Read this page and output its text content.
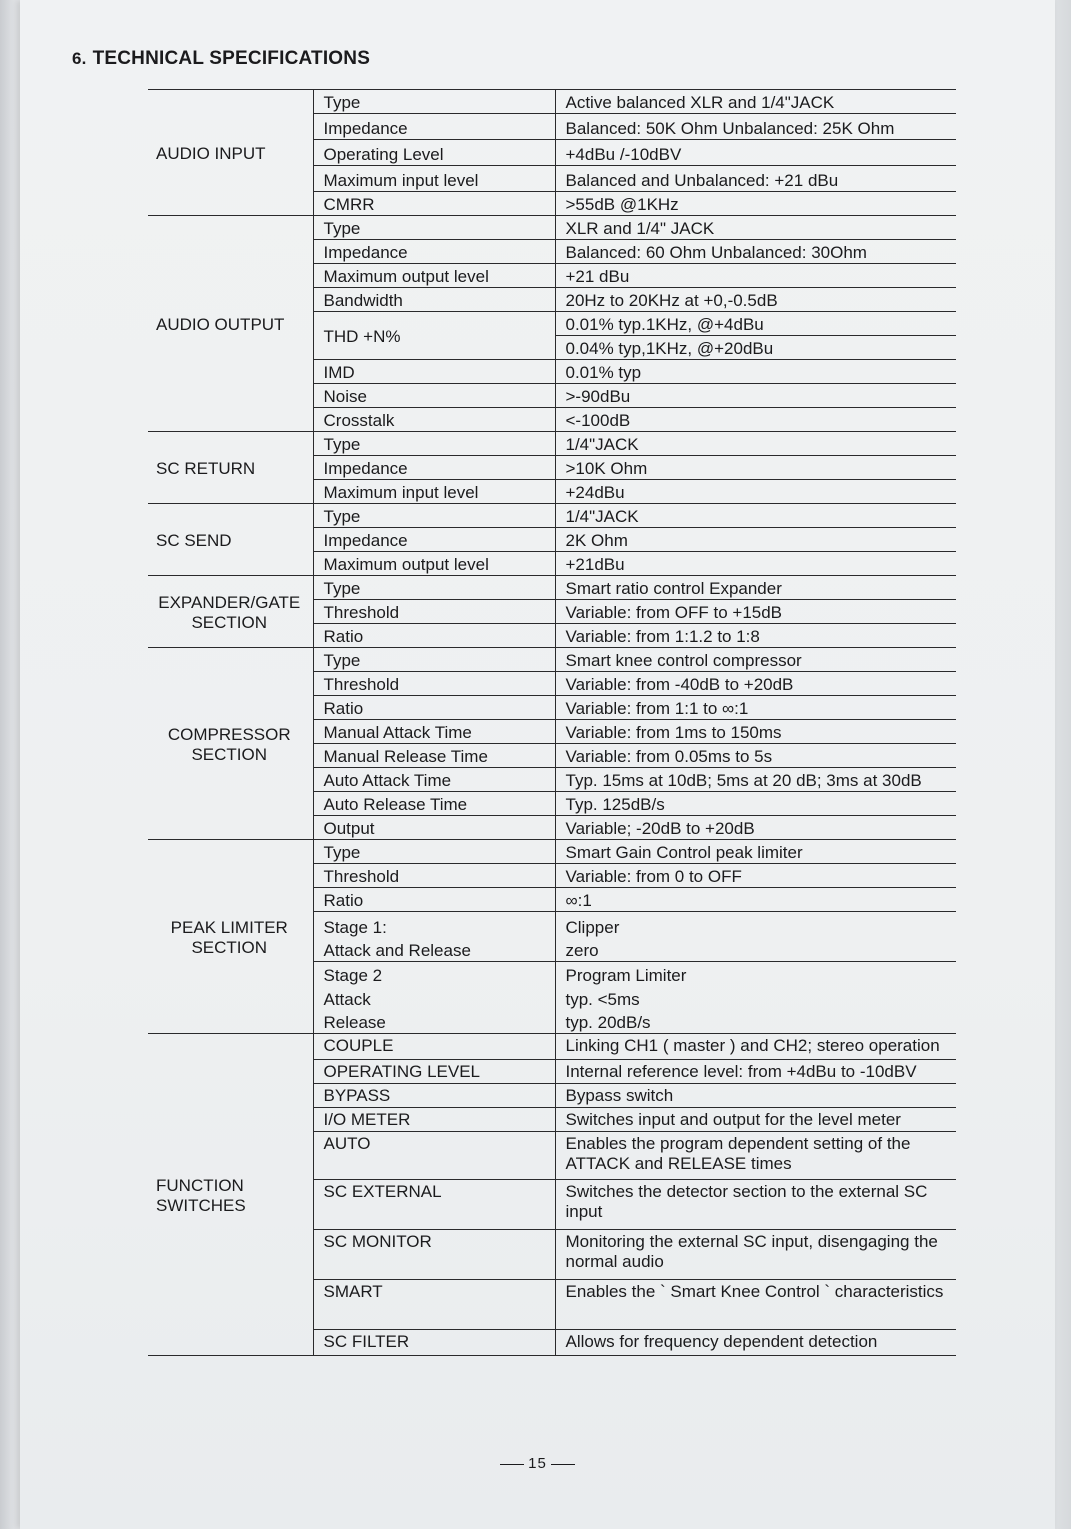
6. TECHNICAL SPECIFICATIONS
AUDIO INPUT	Type	Active balanced XLR and 1/4"JACK
	Impedance	Balanced: 50K Ohm Unbalanced: 25K Ohm
	Operating Level	+4dBu /-10dBV
	Maximum input level	Balanced and Unbalanced: +21 dBu
	CMRR	>55dB @1KHz
AUDIO OUTPUT	Type	XLR and 1/4" JACK
	Impedance	Balanced: 60 Ohm Unbalanced: 30Ohm
	Maximum output level	+21 dBu
	Bandwidth	20Hz to 20KHz at +0,-0.5dB
	THD +N%	0.01% typ.1KHz, @+4dBu
		0.04% typ,1KHz, @+20dBu
	IMD	0.01% typ
	Noise	>-90dBu
	Crosstalk	<-100dB
SC RETURN	Type	1/4"JACK
	Impedance	>10K Ohm
	Maximum input level	+24dBu
SC SEND	Type	1/4"JACK
	Impedance	2K Ohm
	Maximum output level	+21dBu
EXPANDER/GATE SECTION	Type	Smart ratio control Expander
	Threshold	Variable: from OFF to +15dB
	Ratio	Variable: from 1:1.2 to 1:8
COMPRESSOR SECTION	Type	Smart knee control compressor
	Threshold	Variable: from -40dB to +20dB
	Ratio	Variable: from 1:1 to ∞:1
	Manual Attack Time	Variable: from 1ms to 150ms
	Manual Release Time	Variable: from 0.05ms to 5s
	Auto Attack Time	Typ. 15ms at 10dB; 5ms at 20 dB; 3ms at 30dB
	Auto Release Time	Typ. 125dB/s
	Output	Variable; -20dB to +20dB
PEAK LIMITER SECTION	Type	Smart Gain Control peak limiter
	Threshold	Variable: from 0 to OFF
	Ratio	∞:1
	Stage 1:	Clipper
	Attack and Release	zero
	Stage 2	Program Limiter
	Attack	typ. <5ms
	Release	typ. 20dB/s
FUNCTION SWITCHES	COUPLE	Linking CH1 ( master ) and CH2; stereo operation
	OPERATING LEVEL	Internal reference level: from +4dBu to -10dBV
	BYPASS	Bypass switch
	I/O METER	Switches input and output for the level meter
	AUTO	Enables the program dependent setting of the ATTACK and RELEASE times
	SC EXTERNAL	Switches the detector section to the external SC input
	SC MONITOR	Monitoring the external SC input, disengaging the normal audio
	SMART	Enables the ` Smart Knee Control ` characteristics
	SC FILTER	Allows for frequency dependent detection
15
